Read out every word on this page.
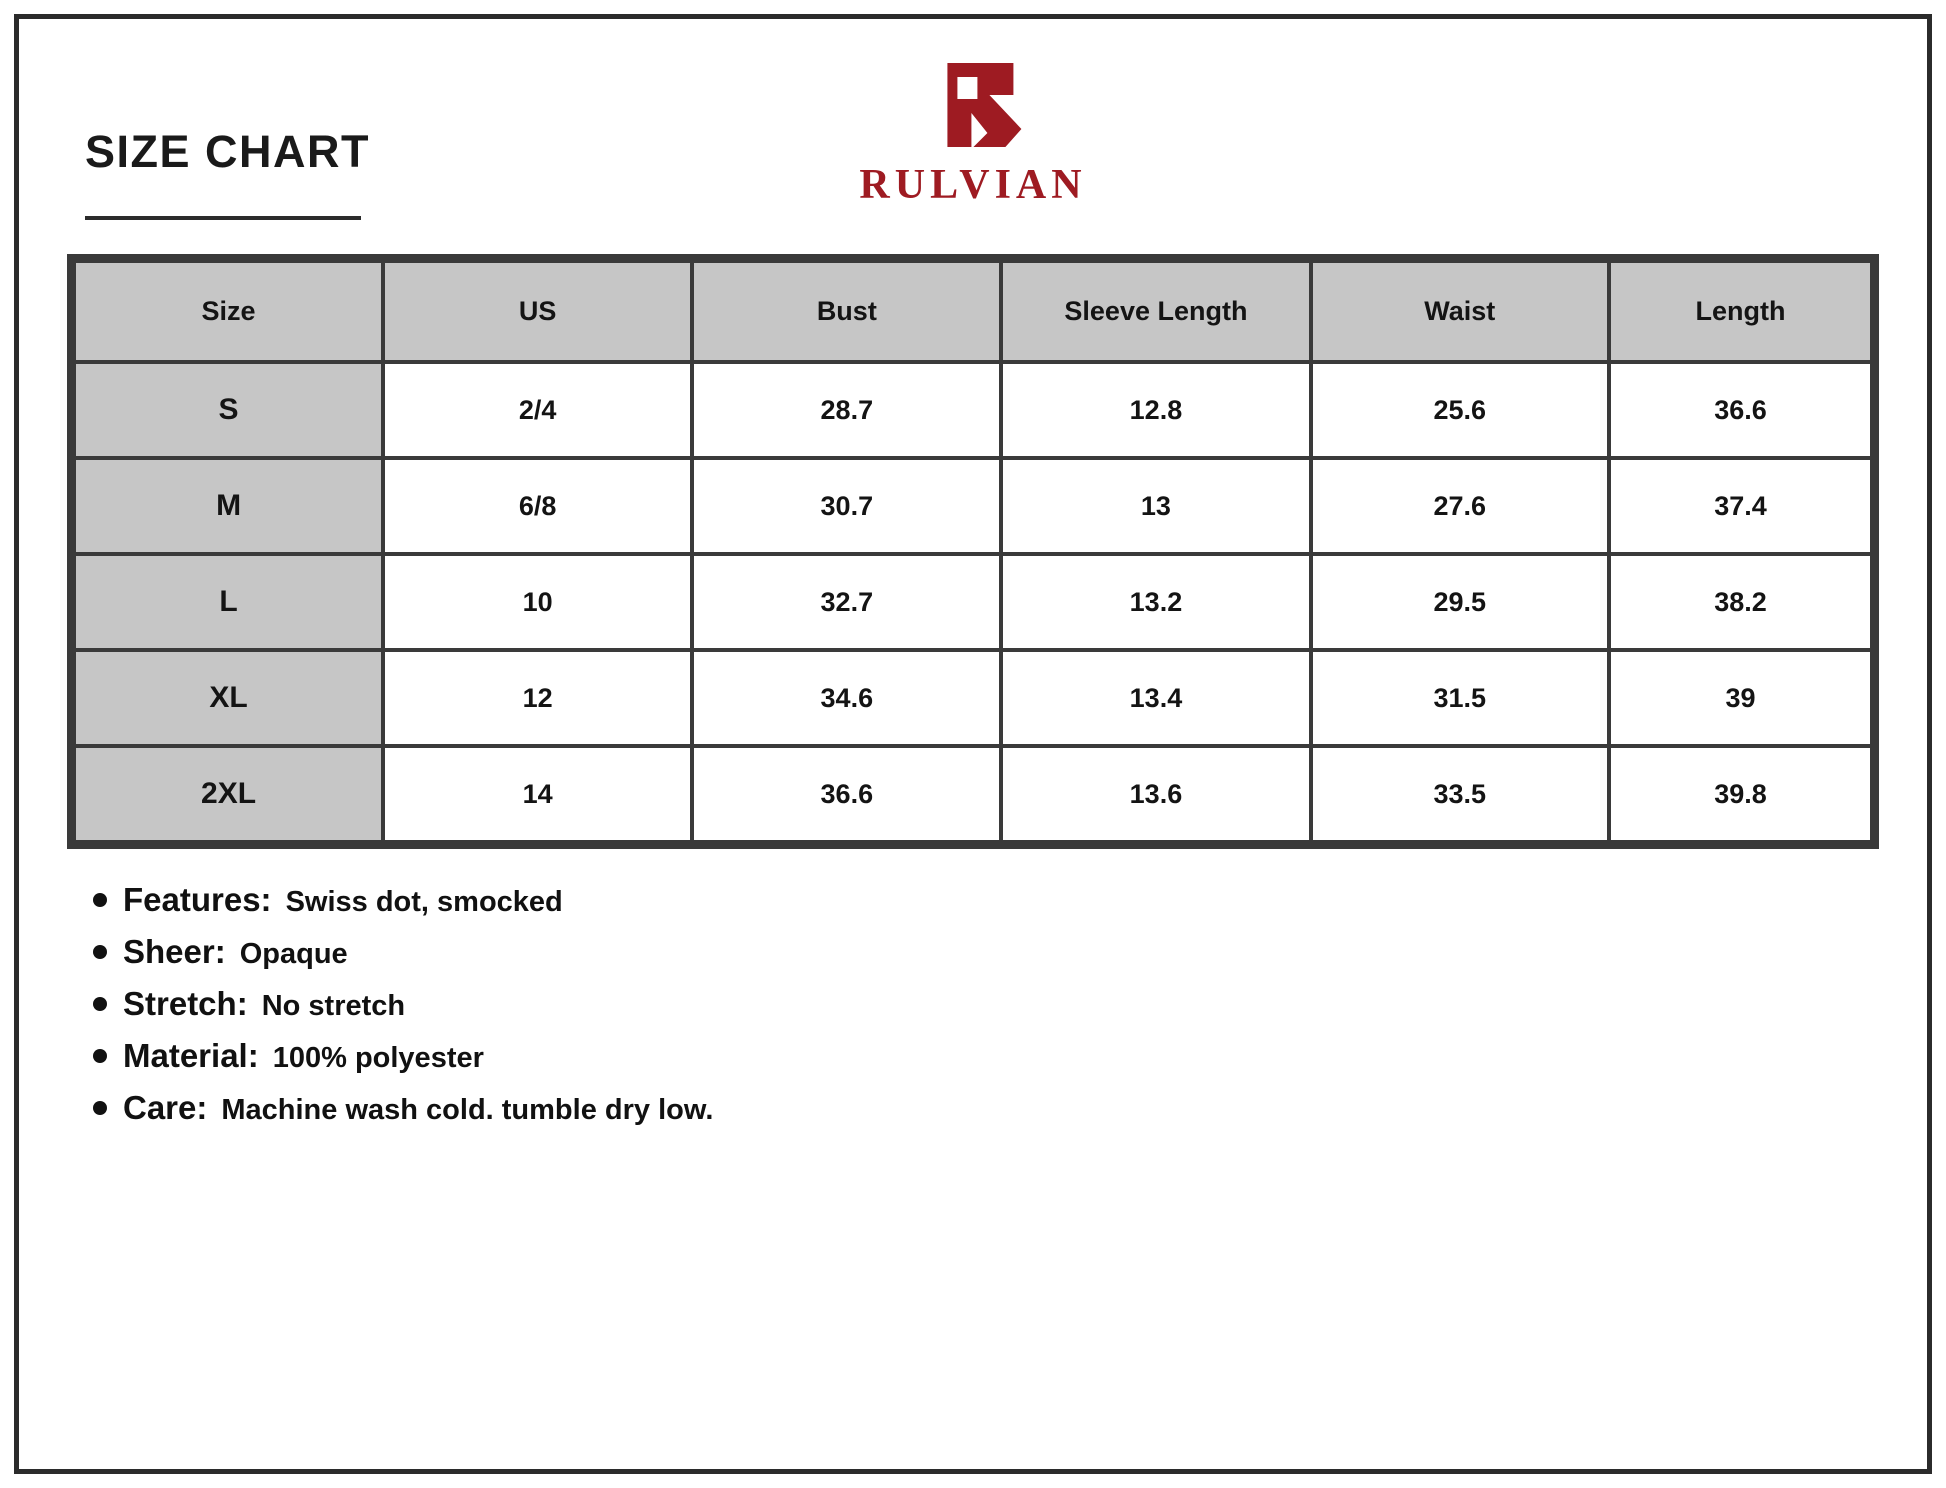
SIZE CHART
RULVIAN
Size	US	Bust	Sleeve Length	Waist	Length
S	2/4	28.7	12.8	25.6	36.6
M	6/8	30.7	13	27.6	37.4
L	10	32.7	13.2	29.5	38.2
XL	12	34.6	13.4	31.5	39
2XL	14	36.6	13.6	33.5	39.8
Features: Swiss dot, smocked
Sheer: Opaque
Stretch: No stretch
Material: 100% polyester
Care: Machine wash cold. tumble dry low.
